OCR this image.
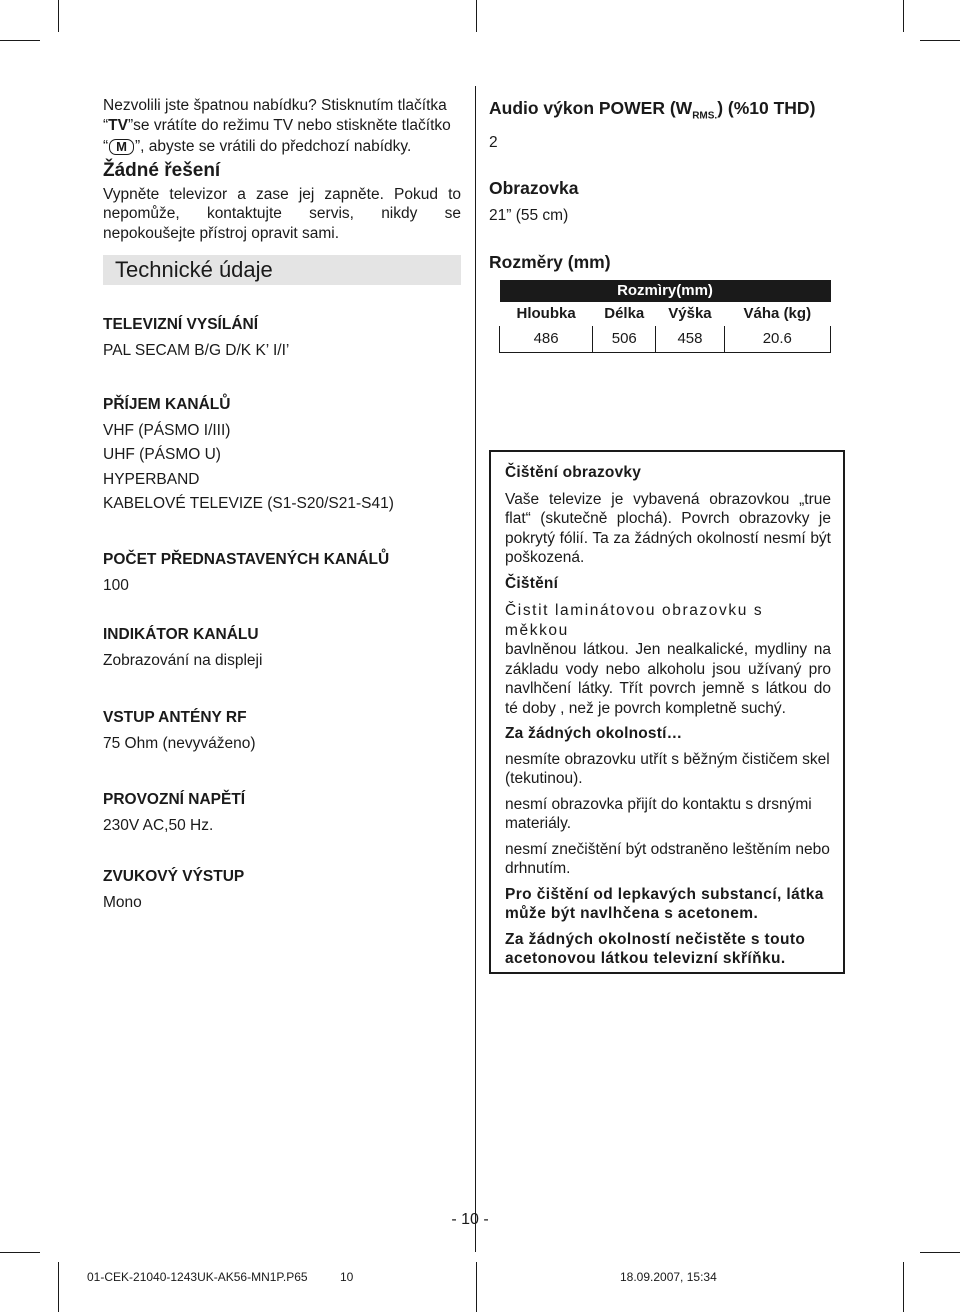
Nezvolili jste špatnou nabídku? Stisknutím tlačítka

“TV”se vrátíte do režimu TV nebo stiskněte tlačítko

“ M ”, abyste se vrátili do předchozí nabídky.

Žádné řešení

Vypněte televizor a zase jej zapněte. Pokud to nepomůže, kontaktujte servis, nikdy se nepokoušejte přístroj opravit sami.

Technické údaje

TELEVIZNÍ VYSÍLÁNÍ

PAL SECAM B/G D/K K’ I/I’

PŘÍJEM KANÁLŮ

VHF (PÁSMO I/III)

UHF (PÁSMO U)

HYPERBAND

KABELOVÉ TELEVIZE (S1-S20/S21-S41)

POČET PŘEDNASTAVENÝCH KANÁLŮ

100

INDIKÁTOR KANÁLU

Zobrazování na displeji

VSTUP ANTÉNY RF

75 Ohm (nevyváženo)

PROVOZNÍ NAPĚTÍ

230V AC,50 Hz.

ZVUKOVÝ VÝSTUP

Mono

Audio výkon POWER $(W_{RMS.})$ (%10 THD)

2

Obrazovka

21” (55 cm)

Rozměry (mm)

Rozmìry(mm)			
Hloubka	Délka	Výška	Váha (kg)
486	506	458	20.6

Čištění obrazovky

Vaše televize je vybavená obrazovkou „true flat“ (skutečně plochá). Povrch obrazovky je pokrytý fólií. Ta za žádných okolností nesmí být poškozená.

Čištění

Čistit laminátovou obrazovku s měkkou

bavlněnou látkou. Jen nealkalické, mydliny na základu vody nebo alkoholu jsou užívaný pro navlhčení látky. Třít povrch jemně s látkou do té doby , než je povrch kompletně suchý.

Za žádných okolností…

nesmíte obrazovku utřít s běžným čističem skel (tekutinou).

nesmí obrazovka přijít do kontaktu s drsnými materiály.

nesmí znečištění být odstraněno leštěním nebo drhnutím.

Pro čištění od lepkavých substancí, látka může být navlhčena s acetonem.

Za žádných okolností nečistěte s touto acetonovou látkou televizní skříňku.

- 10 -
01-CEK-21040-1243UK-AK56-MN1P.P65	10	18.09.2007, 15:34
